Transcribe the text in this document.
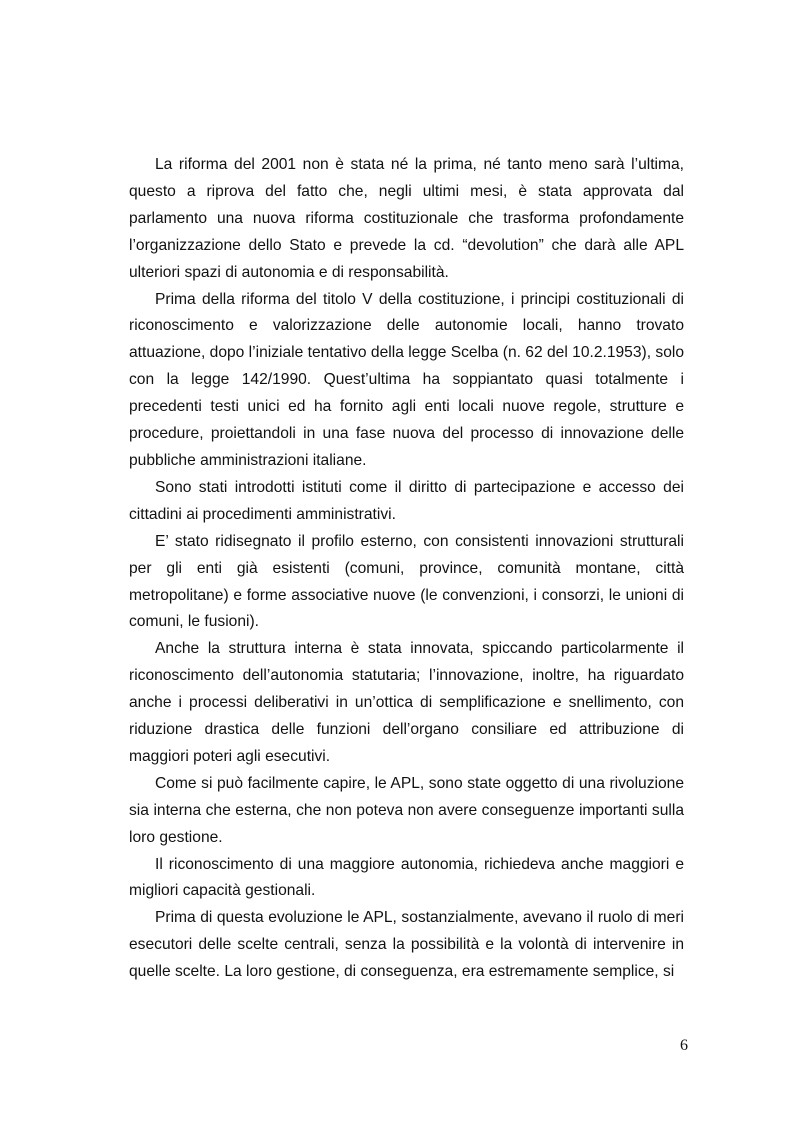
La riforma del 2001 non è stata né la prima, né tanto meno sarà l’ultima, questo a riprova del fatto che, negli ultimi mesi, è stata approvata dal parlamento una nuova riforma costituzionale che trasforma profondamente l’organizzazione dello Stato e prevede la cd. “devolution” che darà alle APL ulteriori spazi di autonomia e di responsabilità.

Prima della riforma del titolo V della costituzione, i principi costituzionali di riconoscimento e valorizzazione delle autonomie locali, hanno trovato attuazione, dopo l’iniziale tentativo della legge Scelba (n. 62 del 10.2.1953), solo con la legge 142/1990. Quest’ultima ha soppiantato quasi totalmente i precedenti testi unici ed ha fornito agli enti locali nuove regole, strutture e procedure, proiettandoli in una fase nuova del processo di innovazione delle pubbliche amministrazioni italiane.

Sono stati introdotti istituti come il diritto di partecipazione e accesso dei cittadini ai procedimenti amministrativi.

E’ stato ridisegnato il profilo esterno, con consistenti innovazioni strutturali per gli enti già esistenti (comuni, province, comunità montane, città metropolitane) e forme associative nuove (le convenzioni, i consorzi, le unioni di comuni, le fusioni).

Anche la struttura interna è stata innovata, spiccando particolarmente il riconoscimento dell’autonomia statutaria; l’innovazione, inoltre, ha riguardato anche i processi deliberativi in un’ottica di semplificazione e snellimento, con riduzione drastica delle funzioni dell’organo consiliare ed attribuzione di maggiori poteri agli esecutivi.

Come si può facilmente capire, le APL, sono state oggetto di una rivoluzione sia interna che esterna, che non poteva non avere conseguenze importanti sulla loro gestione.

Il riconoscimento di una maggiore autonomia, richiedeva anche maggiori e migliori capacità gestionali.

Prima di questa evoluzione le APL, sostanzialmente, avevano il ruolo di meri esecutori delle scelte centrali, senza la possibilità e la volontà di intervenire in quelle scelte. La loro gestione, di conseguenza, era estremamente semplice, si

6
